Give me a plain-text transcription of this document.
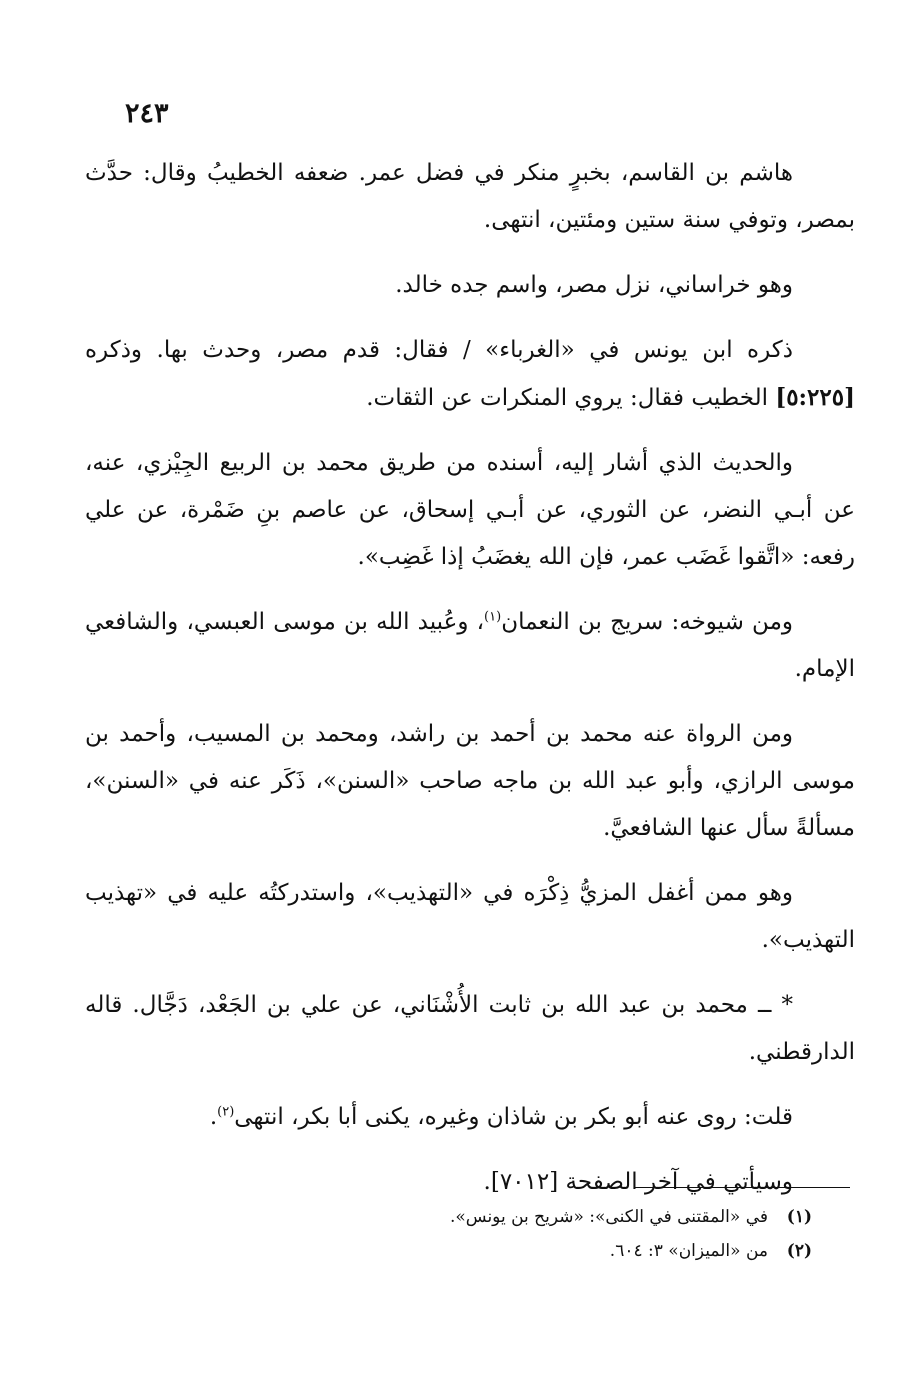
٢٤٣

هاشم بن القاسم، بخبرٍ منكر في فضل عمر. ضعفه الخطيبُ وقال: حدَّث بمصر، وتوفي سنة ستين ومئتين، انتهى.

وهو خراساني، نزل مصر، واسم جده خالد.

ذكره ابن يونس في «الغرباء» / فقال: قدم مصر، وحدث بها. وذكره [٥:٢٢٥] الخطيب فقال: يروي المنكرات عن الثقات.

والحديث الذي أشار إليه، أسنده من طريق محمد بن الربيع الجِيْزي، عنه، عن أبـي النضر، عن الثوري، عن أبـي إسحاق، عن عاصم بنِ ضَمْرة، عن علي رفعه: «اتَّقوا غَضَب عمر، فإن الله يغضَبُ إذا غَضِب».

ومن شيوخه: سريج بن النعمان$^{(١)}$، وعُبيد الله بن موسى العبسي، والشافعي الإمام.

ومن الرواة عنه محمد بن أحمد بن راشد، ومحمد بن المسيب، وأحمد بن موسى الرازي، وأبو عبد الله بن ماجه صاحب «السنن»، ذَكَر عنه في «السنن»، مسألةً سأل عنها الشافعيَّ.

وهو ممن أغفل المزيُّ ذِكْرَه في «التهذيب»، واستدركتُه عليه في «تهذيب التهذيب».

* ــ محمد بن عبد الله بن ثابت الأُشْنَاني، عن علي بن الجَعْد، دَجَّال. قاله الدارقطني.

قلت: روى عنه أبو بكر بن شاذان وغيره، يكنى أبا بكر، انتهى$^{(٢)}$.

وسيأتي في آخر الصفحة [٧٠١٢].

(١)في «المقتنى في الكنى»: «شريح بن يونس».

(٢)من «الميزان» ٣: ٦٠٤.
